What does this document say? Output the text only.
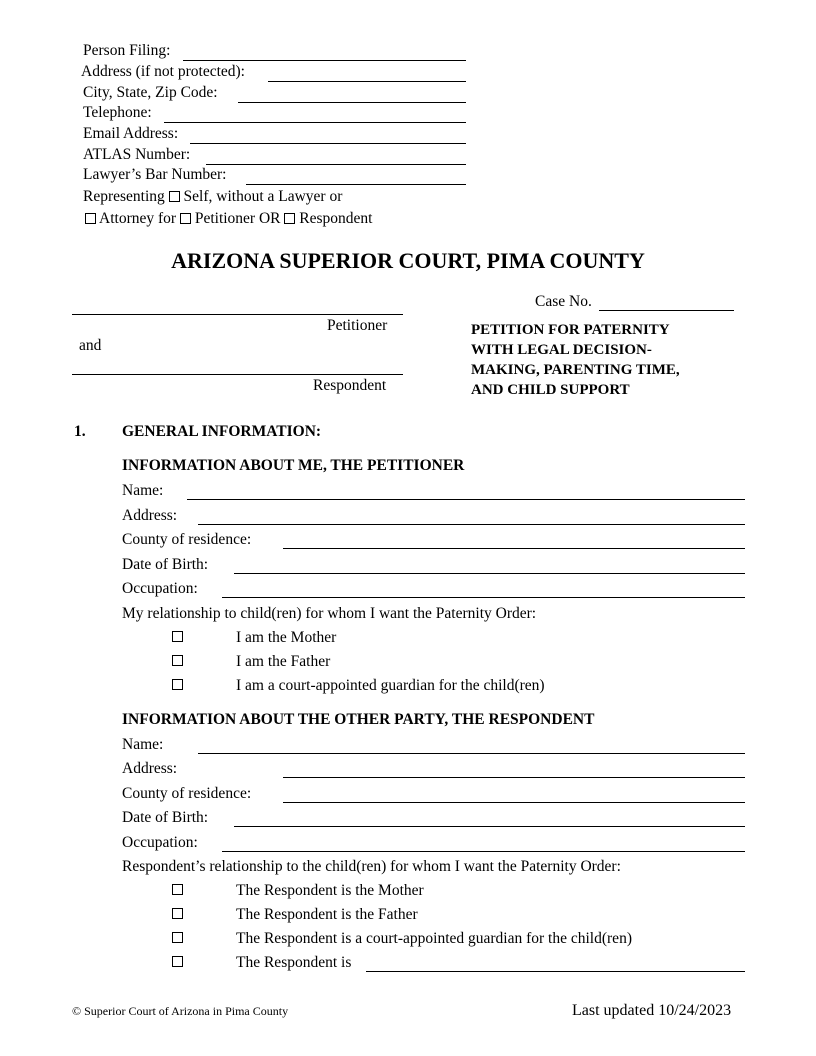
Person Filing:
Address (if not protected):
City, State, Zip Code:
Telephone:
Email Address:
ATLAS Number:
Lawyer’s Bar Number:
Representing Self, without a Lawyer or
Attorney for Petitioner OR Respondent
ARIZONA SUPERIOR COURT, PIMA COUNTY
Petitioner
and
Respondent
Case No.
PETITION FOR PATERNITY
WITH LEGAL DECISION-
MAKING, PARENTING TIME,
AND CHILD SUPPORT
1. GENERAL INFORMATION:
INFORMATION ABOUT ME, THE PETITIONER
Name:
Address:
County of residence:
Date of Birth:
Occupation:
My relationship to child(ren) for whom I want the Paternity Order:
I am the Mother
I am the Father
I am a court-appointed guardian for the child(ren)
INFORMATION ABOUT THE OTHER PARTY, THE RESPONDENT
Name:
Address:
County of residence:
Date of Birth:
Occupation:
Respondent’s relationship to the child(ren) for whom I want the Paternity Order:
The Respondent is the Mother
The Respondent is the Father
The Respondent is a court-appointed guardian for the child(ren)
The Respondent is
© Superior Court of Arizona in Pima County	Last updated 10/24/2023
